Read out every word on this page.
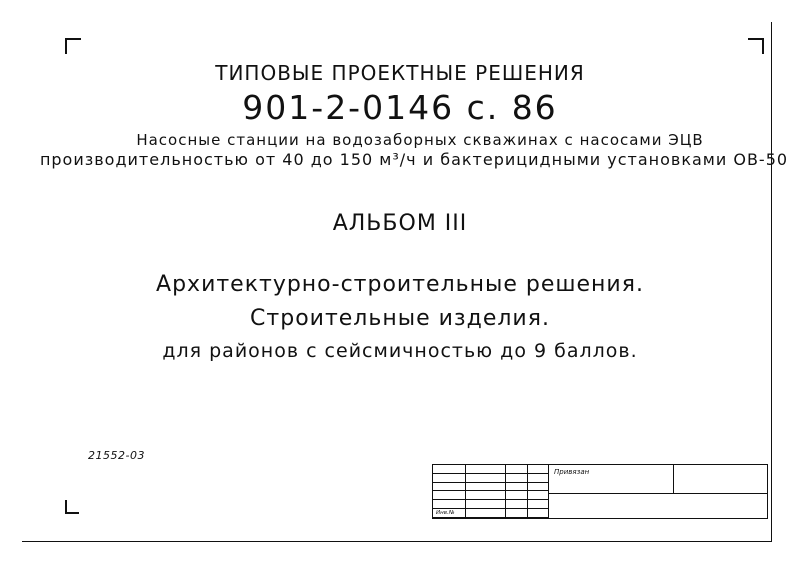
ТИПОВЫЕ ПРОЕКТНЫЕ РЕШЕНИЯ
901-2-0146 с. 86
Насосные станции на водозаборных скважинах с насосами ЭЦВ
производительностью от 40 до 150 м³/ч и бактерицидными установками ОВ-50
АЛЬБОМ III
Архитектурно-строительные решения.
Строительные изделия.
для районов с сейсмичностью до 9 баллов.
21552-03
Инв.№
Привязан
